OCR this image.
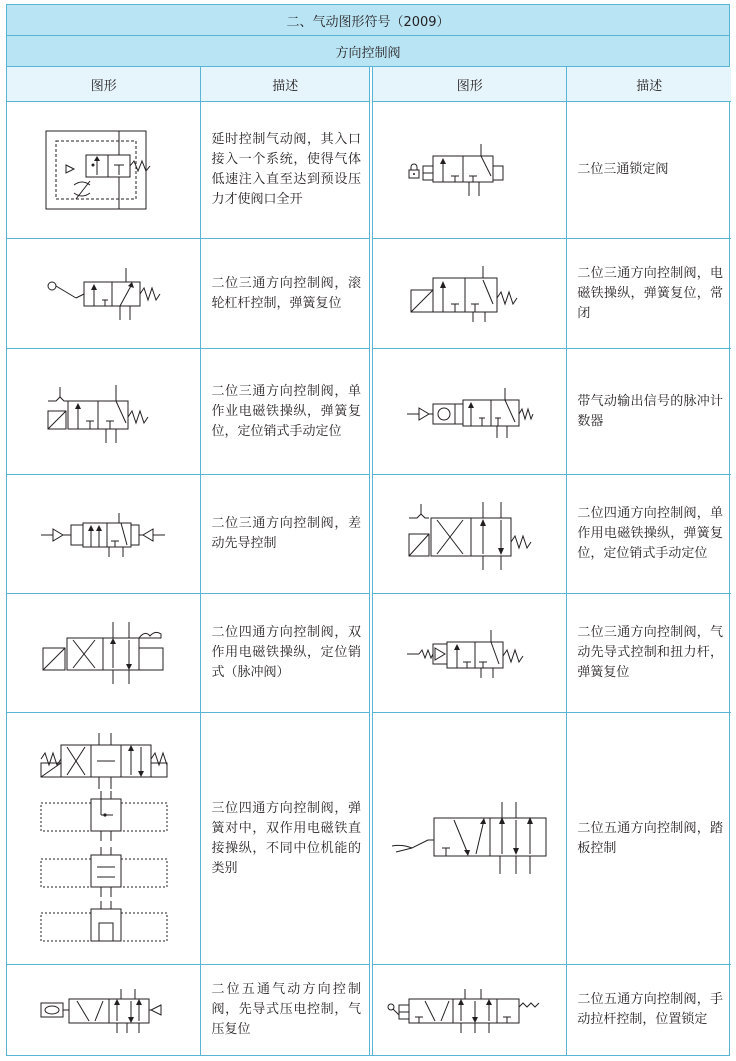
二、气动图形符号（2009）
方向控制阀
图形	描述
延时控制气动阀，其入口接入一个系统，使得气体低速注入直至达到预设压力才使阀口全开
二位三通方向控制阀，滚轮杠杆控制，弹簧复位
二位三通方向控制阀，单作业电磁铁操纵，弹簧复位，定位销式手动定位
二位三通方向控制阀，差动先导控制
二位四通方向控制阀，双作用电磁铁操纵，定位销式（脉冲阀）
三位四通方向控制阀，弹簧对中，双作用电磁铁直接操纵，不同中位机能的类别
二位五通气动方向控制阀，先导式压电控制，气压复位
图形	描述
二位三通锁定阀
二位三通方向控制阀，电磁铁操纵，弹簧复位，常闭
带气动输出信号的脉冲计数器
二位四通方向控制阀，单作用电磁铁操纵，弹簧复位，定位销式手动定位
二位三通方向控制阀，气动先导式控制和扭力杆，弹簧复位
二位五通方向控制阀，踏板控制
二位五通方向控制阀，手动拉杆控制，位置锁定
